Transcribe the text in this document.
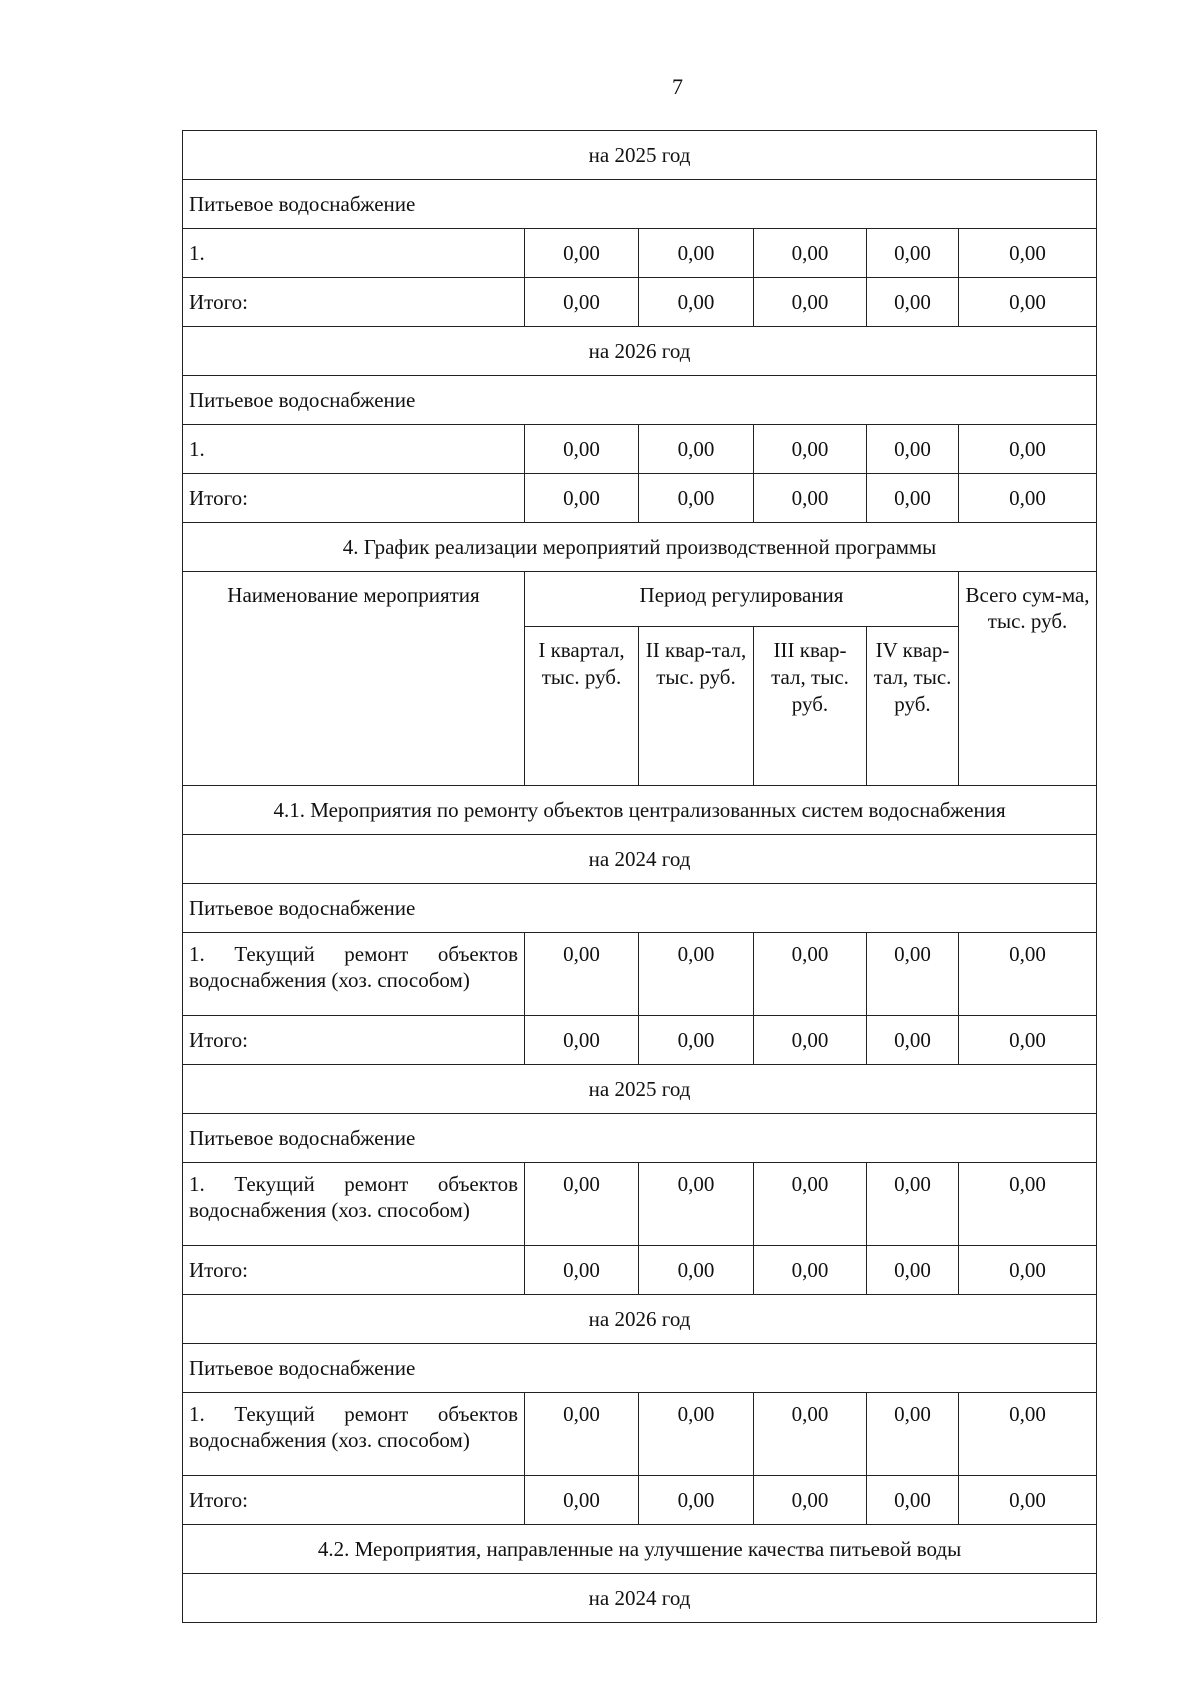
7
на 2025 год					
Питьевое водоснабжение					
1.	0,00	0,00	0,00	0,00	0,00
Итого:	0,00	0,00	0,00	0,00	0,00
на 2026 год					
Питьевое водоснабжение					
1.	0,00	0,00	0,00	0,00	0,00
Итого:	0,00	0,00	0,00	0,00	0,00
4. График реализации мероприятий производственной программы					
Наименование мероприятия	Период регулирования				Всего сум-ма, тыс. руб.
	I квартал, тыс. руб.	II квар-тал, тыс. руб.	III квар-тал, тыс. руб.	IV квар-тал, тыс. руб.	
4.1. Мероприятия по ремонту объектов централизованных систем водоснабжения					
на 2024 год					
Питьевое водоснабжение					
1. Текущий ремонт объектов водоснабжения (хоз. способом)	0,00	0,00	0,00	0,00	0,00
Итого:	0,00	0,00	0,00	0,00	0,00
на 2025 год					
Питьевое водоснабжение					
1. Текущий ремонт объектов водоснабжения (хоз. способом)	0,00	0,00	0,00	0,00	0,00
Итого:	0,00	0,00	0,00	0,00	0,00
на 2026 год					
Питьевое водоснабжение					
1. Текущий ремонт объектов водоснабжения (хоз. способом)	0,00	0,00	0,00	0,00	0,00
Итого:	0,00	0,00	0,00	0,00	0,00
4.2. Мероприятия, направленные на улучшение качества питьевой воды					
на 2024 год					
